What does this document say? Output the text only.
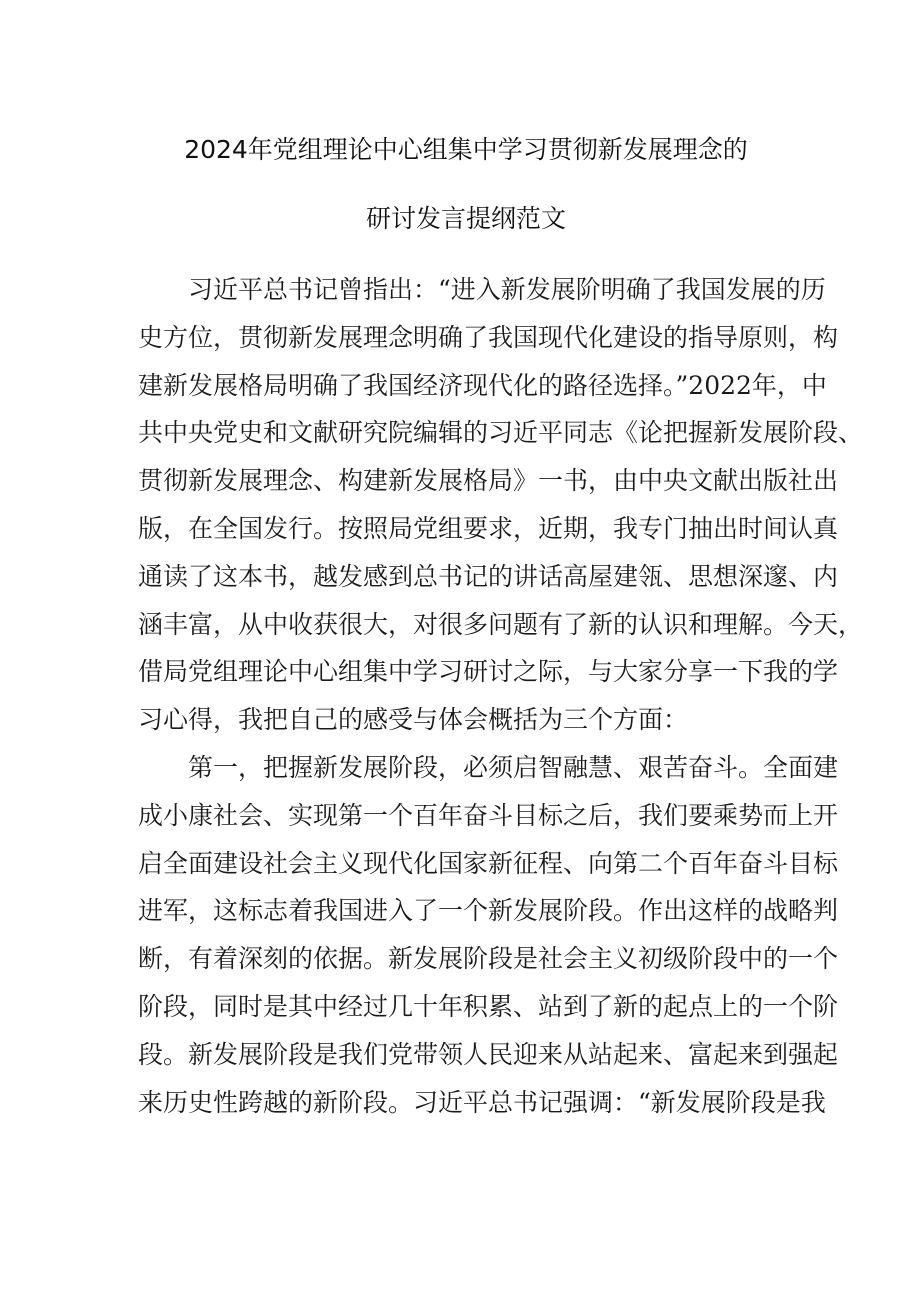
2024年党组理论中心组集中学习贯彻新发展理念的
研讨发言提纲范文
习近平总书记曾指出：“进入新发展阶明确了我国发展的历
史方位，贯彻新发展理念明确了我国现代化建设的指导原则，构
建新发展格局明确了我国经济现代化的路径选择。”2022年，中
共中央党史和文献研究院编辑的习近平同志《论把握新发展阶段、
贯彻新发展理念、构建新发展格局》一书，由中央文献出版社出
版，在全国发行。按照局党组要求，近期，我专门抽出时间认真
通读了这本书，越发感到总书记的讲话高屋建瓴、思想深邃、内
涵丰富，从中收获很大，对很多问题有了新的认识和理解。今天，
借局党组理论中心组集中学习研讨之际，与大家分享一下我的学
习心得，我把自己的感受与体会概括为三个方面：
第一，把握新发展阶段，必须启智融慧、艰苦奋斗。全面建
成小康社会、实现第一个百年奋斗目标之后，我们要乘势而上开
启全面建设社会主义现代化国家新征程、向第二个百年奋斗目标
进军，这标志着我国进入了一个新发展阶段。作出这样的战略判
断，有着深刻的依据。新发展阶段是社会主义初级阶段中的一个
阶段，同时是其中经过几十年积累、站到了新的起点上的一个阶
段。新发展阶段是我们党带领人民迎来从站起来、富起来到强起
来历史性跨越的新阶段。习近平总书记强调：“新发展阶段是我
